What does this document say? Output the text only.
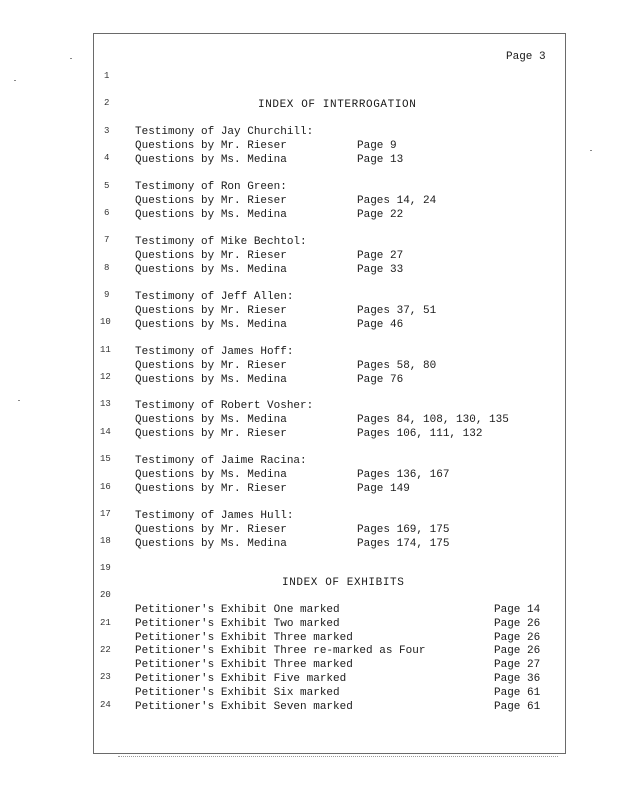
Page 3
1
2
3
4
5
6
7
8
9
10
11
12
13
14
15
16
17
18
19
20
21
22
23
24
INDEX OF INTERROGATION
Testimony of Jay Churchill:
Questions by Mr. Rieser	Page 9
Questions by Ms. Medina	Page 13
Testimony of Ron Green:
Questions by Mr. Rieser	Pages 14, 24
Questions by Ms. Medina	Page 22
Testimony of Mike Bechtol:
Questions by Mr. Rieser	Page 27
Questions by Ms. Medina	Page 33
Testimony of Jeff Allen:
Questions by Mr. Rieser	Pages 37, 51
Questions by Ms. Medina	Page 46
Testimony of James Hoff:
Questions by Mr. Rieser	Pages 58, 80
Questions by Ms. Medina	Page 76
Testimony of Robert Vosher:
Questions by Ms. Medina	Pages 84, 108, 130, 135
Questions by Mr. Rieser	Pages 106, 111, 132
Testimony of Jaime Racina:
Questions by Ms. Medina	Pages 136, 167
Questions by Mr. Rieser	Page 149
Testimony of James Hull:
Questions by Mr. Rieser	Pages 169, 175
Questions by Ms. Medina	Pages 174, 175
INDEX OF EXHIBITS
Petitioner's Exhibit One marked	Page 14
Petitioner's Exhibit Two marked	Page 26
Petitioner's Exhibit Three marked	Page 26
Petitioner's Exhibit Three re-marked as Four	Page 26
Petitioner's Exhibit Three marked	Page 27
Petitioner's Exhibit Five marked	Page 36
Petitioner's Exhibit Six marked	Page 61
Petitioner's Exhibit Seven marked	Page 61
